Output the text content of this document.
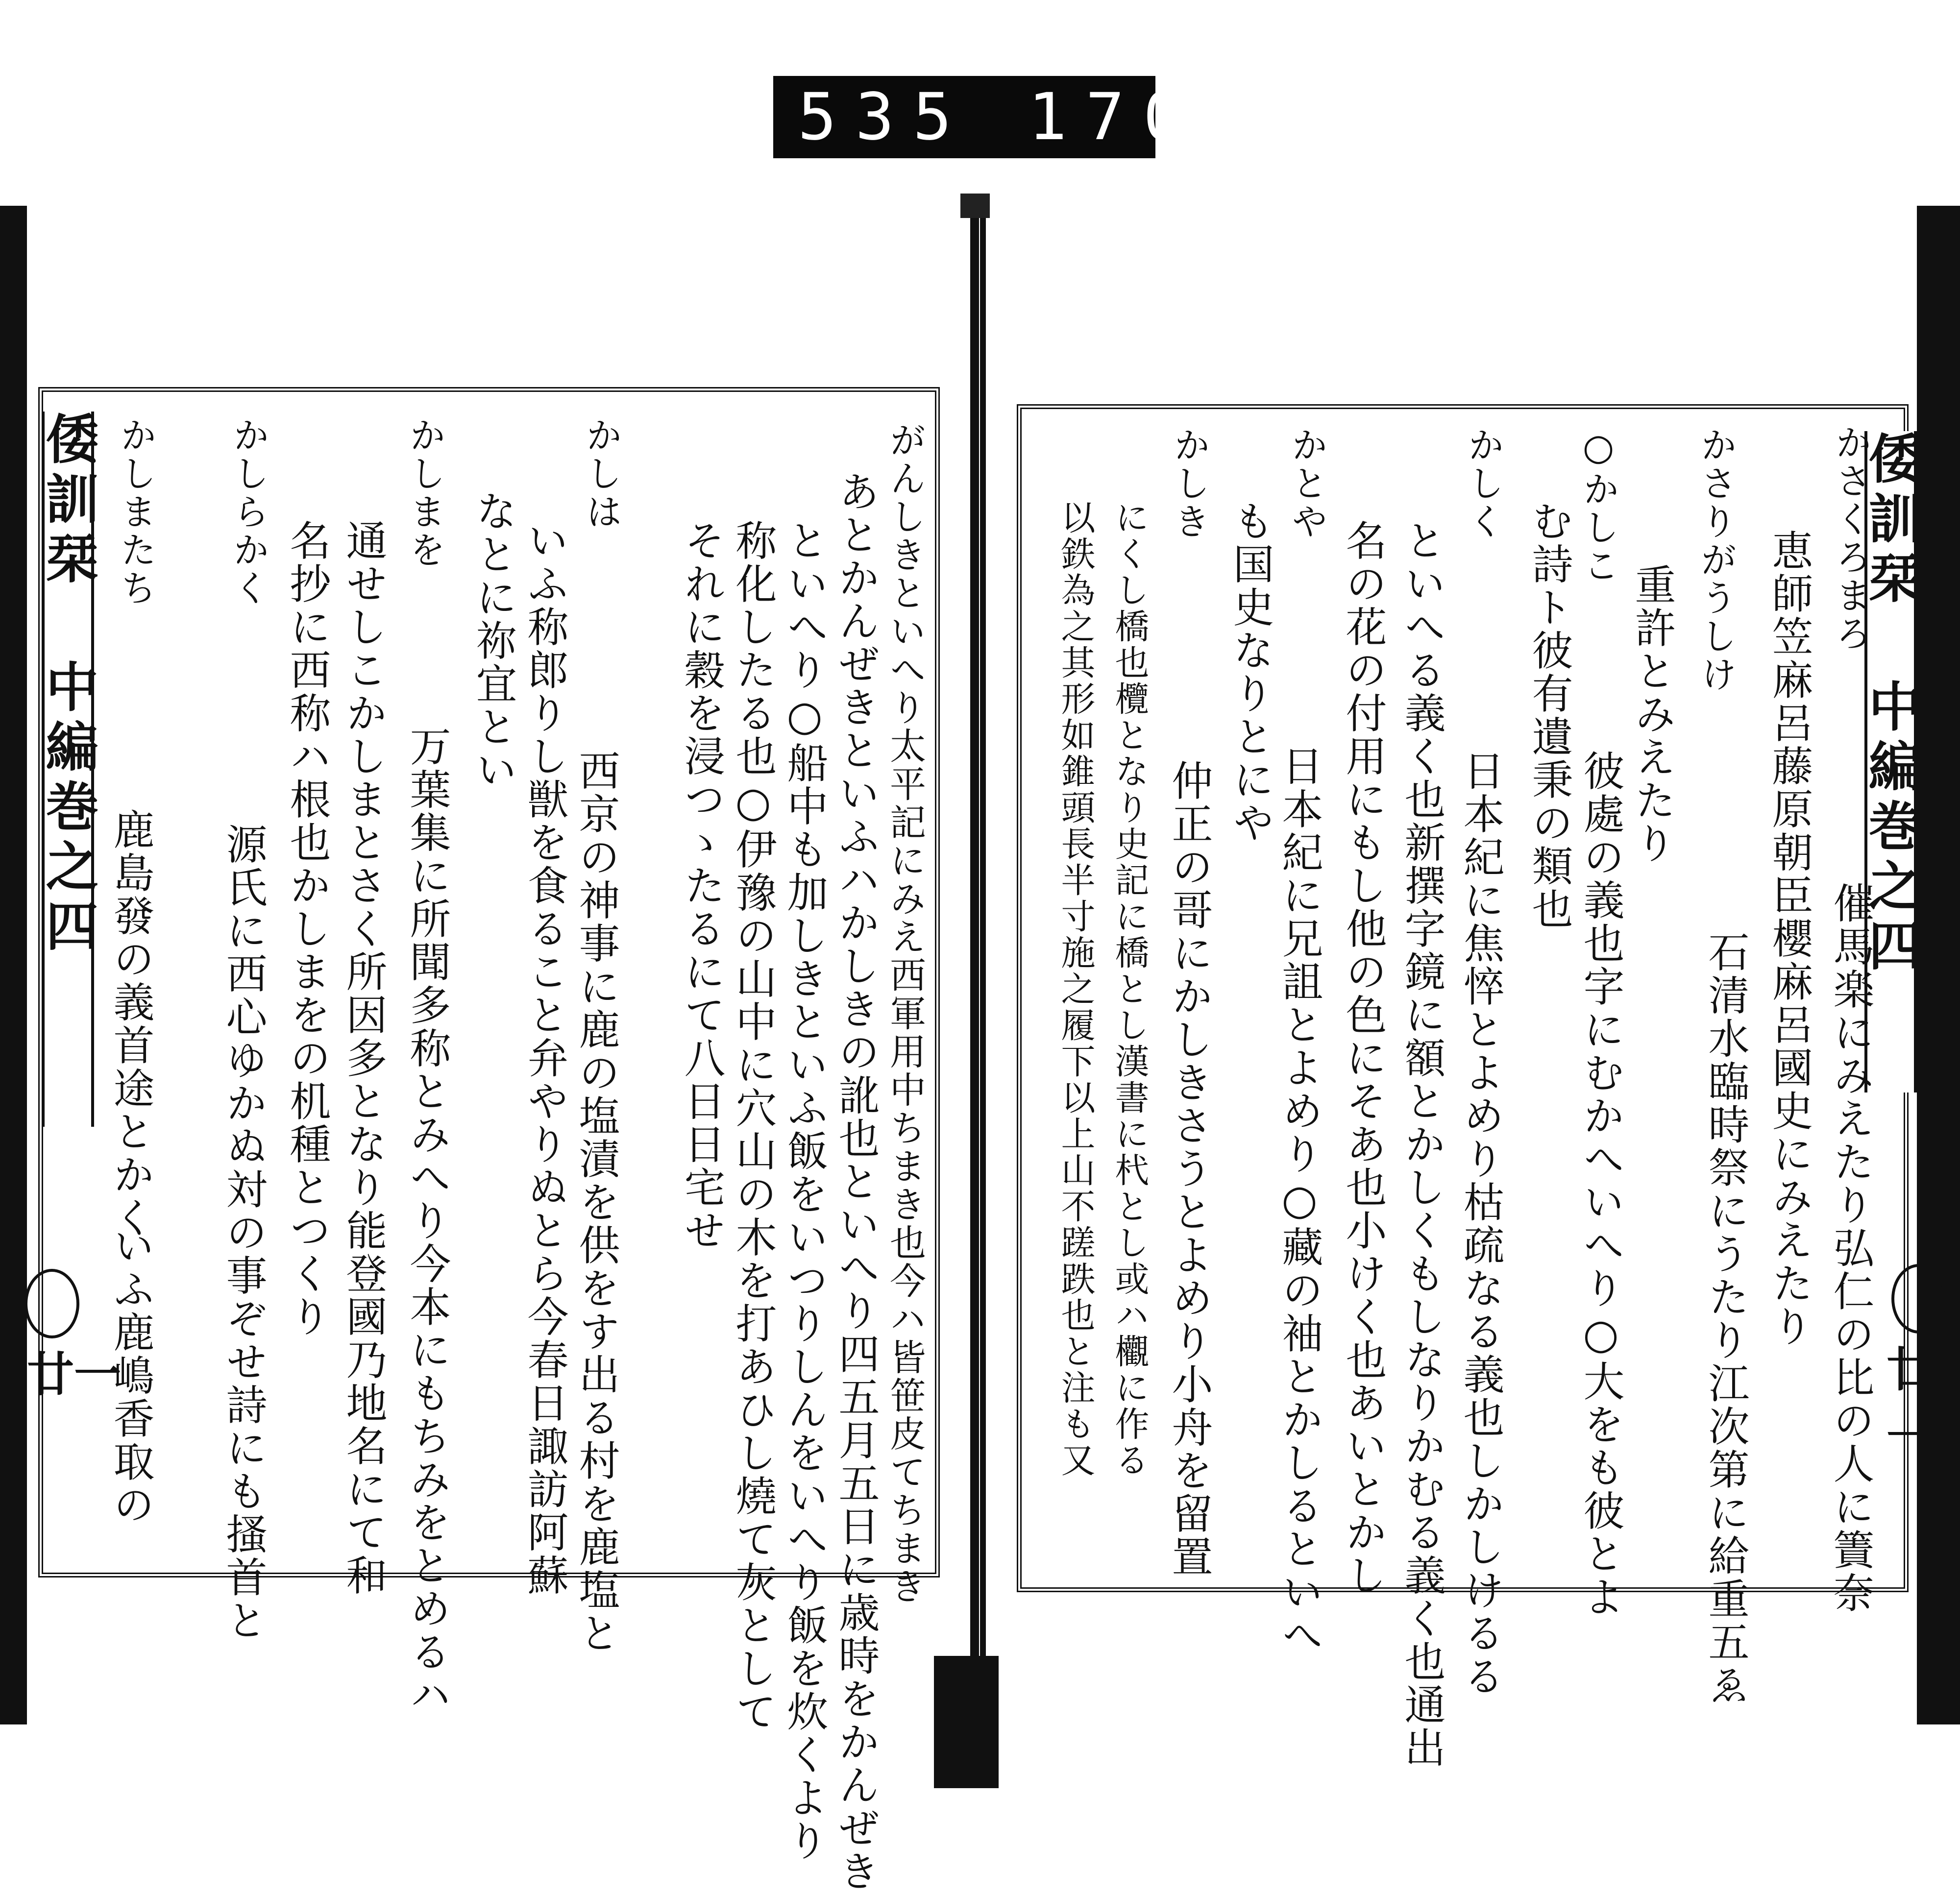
535 170.
倭訓栞 中編巻之四
廿一	がんしきといへり太平記にみえ西軍用中ちまき也今ハ皆笹皮てちまき
あとかんぜきといふハかしきの訛也といへり四五月五日に歳時をかんぜき
といへり○船中も加しきといふ飯をいつりしんをいへり飯を炊くより
称化したる也○伊豫の山中に穴山の木を打あひし燒て灰として
それに穀を浸つゝたるにて八日日宅せ
かしは
西京の神事に鹿の塩漬を供をす出る村を鹿塩と
いふ称郎りし獣を食ること弁やりぬとら今春日諏訪阿蘇
なとに祢宜とい
かしまを
万葉集に所聞多称とみへり今本にもちみをとめるハ
通せしこかしまとさく所因多となり能登國乃地名にて和
名抄に西称ハ根也かしまをの机種とつくり
かしらかく
源氏に西心ゆかぬ対の事ぞせ詩にも搔首と
かしまたち
鹿島發の義首途とかく
いふ鹿嶋香取の
倭訓栞 中編巻之四
廿一
かさくろまろ
催馬楽にみえたり弘仁の比の人に簀奈
恵師笠麻呂藤原朝臣櫻麻呂國史にみえたり
石清水臨時祭にうたり江次第に給重五ゑ
かさりがうしけ
重許とみえたり
○かしこ
彼處の義也字にむかへいへり○大をも彼とよ
む詩ト彼有遺秉の類也
かしく
日本紀に焦悴とよめり枯疏なる義也しかしけるる
といへる義く也新撰字鏡に額とかしくもしなりかむる義く也通出
名の花の付用にもし他の色にそあ也小けく也あいとかし
かとや
日本紀に兄詛とよめり○藏の袖とかしるといへ
も国史なりとにや
かしき
仲正の哥にかしきさうとよめり小舟を留置
にくし橋也欖となり史記に橋とし漢書に杙とし或ハ欟に作る
以鉄為之其形如錐頭長半寸施之履下以上山不蹉跌也と注も又
